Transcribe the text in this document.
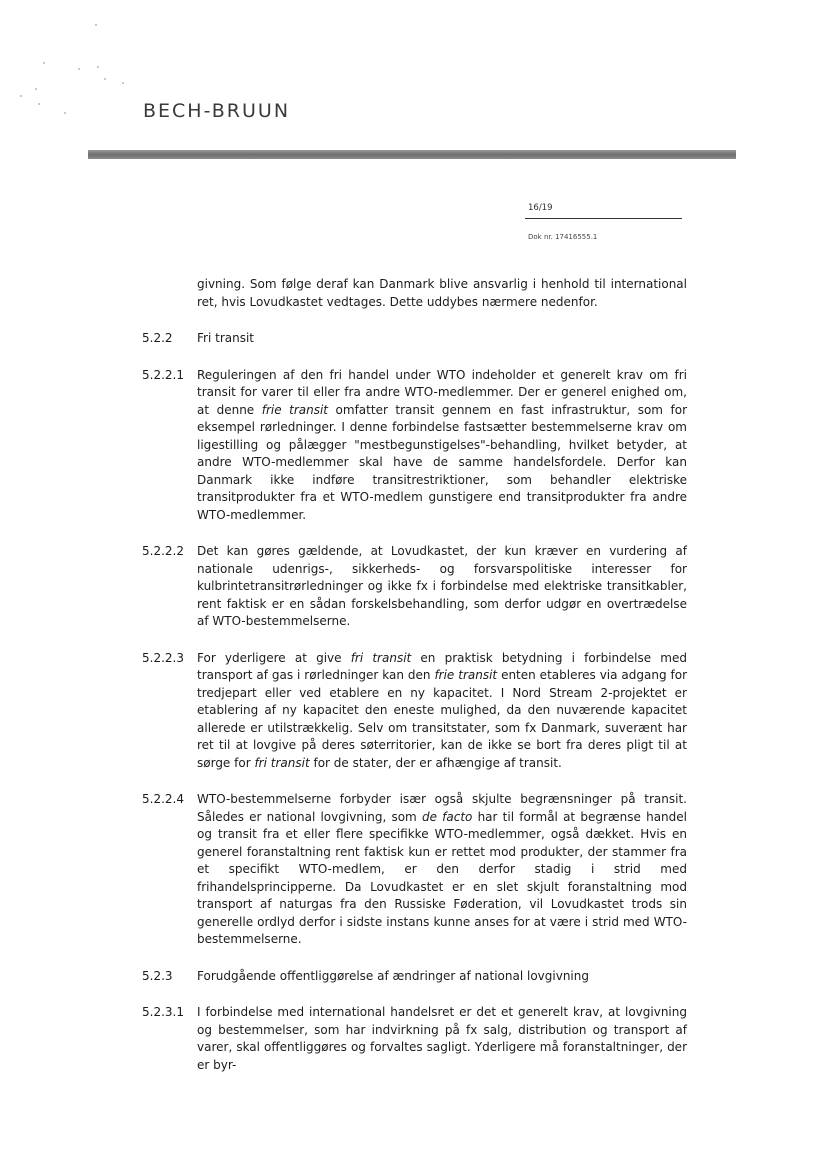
BECH-BRUUN
16/19
Dok nr. 17416555.1
givning. Som følge deraf kan Danmark blive ansvarlig i henhold til international ret, hvis Lovudkastet vedtages. Dette uddybes nærmere nedenfor.
5.2.2	Fri transit
5.2.2.1	Reguleringen af den fri handel under WTO indeholder et generelt krav om fri transit for varer til eller fra andre WTO-medlemmer. Der er generel enighed om, at denne frie transit omfatter transit gennem en fast infrastruktur, som for eksempel rørledninger. I denne forbindelse fastsætter bestemmelserne krav om ligestilling og pålægger "mestbegunstigelses"-behandling, hvilket betyder, at andre WTO-medlemmer skal have de samme handelsfordele. Derfor kan Danmark ikke indføre transitrestriktioner, som behandler elektriske transitprodukter fra et WTO-medlem gunstigere end transitprodukter fra andre WTO-medlemmer.
5.2.2.2	Det kan gøres gældende, at Lovudkastet, der kun kræver en vurdering af nationale udenrigs-, sikkerheds- og forsvarspolitiske interesser for kulbrintetransitrørledninger og ikke fx i forbindelse med elektriske transitkabler, rent faktisk er en sådan forskelsbehandling, som derfor udgør en overtrædelse af WTO-bestemmelserne.
5.2.2.3	For yderligere at give fri transit en praktisk betydning i forbindelse med transport af gas i rørledninger kan den frie transit enten etableres via adgang for tredjepart eller ved etablere en ny kapacitet. I Nord Stream 2-projektet er etablering af ny kapacitet den eneste mulighed, da den nuværende kapacitet allerede er utilstrækkelig. Selv om transitstater, som fx Danmark, suverænt har ret til at lovgive på deres søterritorier, kan de ikke se bort fra deres pligt til at sørge for fri transit for de stater, der er afhængige af transit.
5.2.2.4	WTO-bestemmelserne forbyder især også skjulte begrænsninger på transit. Således er national lovgivning, som de facto har til formål at begrænse handel og transit fra et eller flere specifikke WTO-medlemmer, også dækket. Hvis en generel foranstaltning rent faktisk kun er rettet mod produkter, der stammer fra et specifikt WTO-medlem, er den derfor stadig i strid med frihandelsprincipperne. Da Lovudkastet er en slet skjult foranstaltning mod transport af naturgas fra den Russiske Føderation, vil Lovudkastet trods sin generelle ordlyd derfor i sidste instans kunne anses for at være i strid med WTO-bestemmelserne.
5.2.3	Forudgående offentliggørelse af ændringer af national lovgivning
5.2.3.1	I forbindelse med international handelsret er det et generelt krav, at lovgivning og bestemmelser, som har indvirkning på fx salg, distribution og transport af varer, skal offentliggøres og forvaltes sagligt. Yderligere må foranstaltninger, der er byr-
